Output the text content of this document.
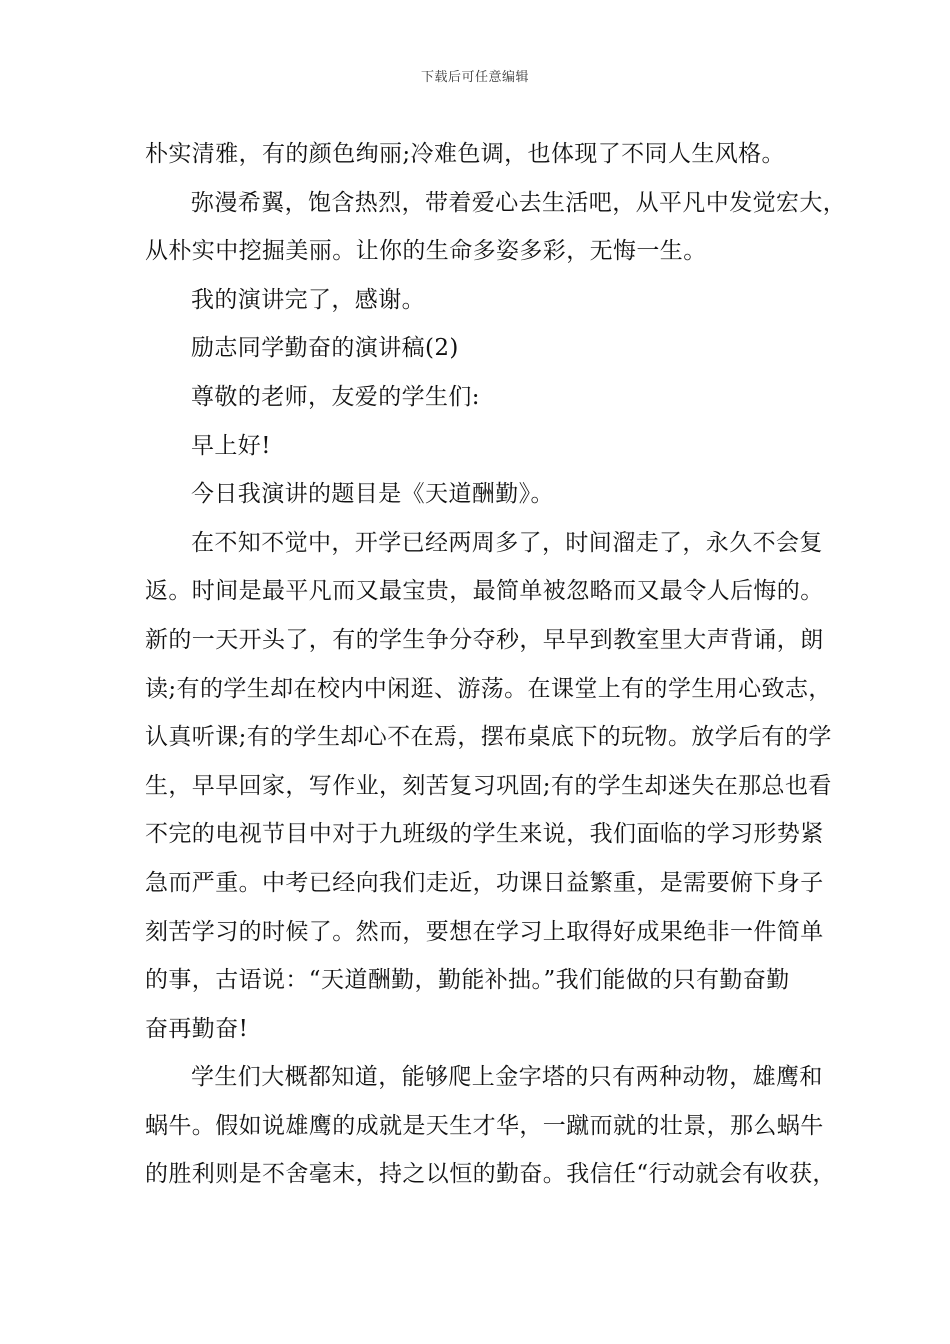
下载后可任意编辑
朴实清雅，有的颜色绚丽;冷难色调，也体现了不同人生风格。
弥漫希翼，饱含热烈，带着爱心去生活吧，从平凡中发觉宏大，
从朴实中挖掘美丽。让你的生命多姿多彩，无悔一生。
我的演讲完了，感谢。
励志同学勤奋的演讲稿(2)
尊敬的老师，友爱的学生们:
早上好!
今日我演讲的题目是《天道酬勤》。
在不知不觉中，开学已经两周多了，时间溜走了，永久不会复
返。时间是最平凡而又最宝贵，最简单被忽略而又最令人后悔的。
新的一天开头了，有的学生争分夺秒，早早到教室里大声背诵，朗
读;有的学生却在校内中闲逛、游荡。在课堂上有的学生用心致志，
认真听课;有的学生却心不在焉，摆布桌底下的玩物。放学后有的学
生，早早回家，写作业，刻苦复习巩固;有的学生却迷失在那总也看
不完的电视节目中对于九班级的学生来说，我们面临的学习形势紧
急而严重。中考已经向我们走近，功课日益繁重，是需要俯下身子
刻苦学习的时候了。然而，要想在学习上取得好成果绝非一件简单
的事，古语说：“天道酬勤，勤能补拙。”我们能做的只有勤奋勤
奋再勤奋!
学生们大概都知道，能够爬上金字塔的只有两种动物，雄鹰和
蜗牛。假如说雄鹰的成就是天生才华，一蹴而就的壮景，那么蜗牛
的胜利则是不舍毫末，持之以恒的勤奋。我信任“行动就会有收获，
